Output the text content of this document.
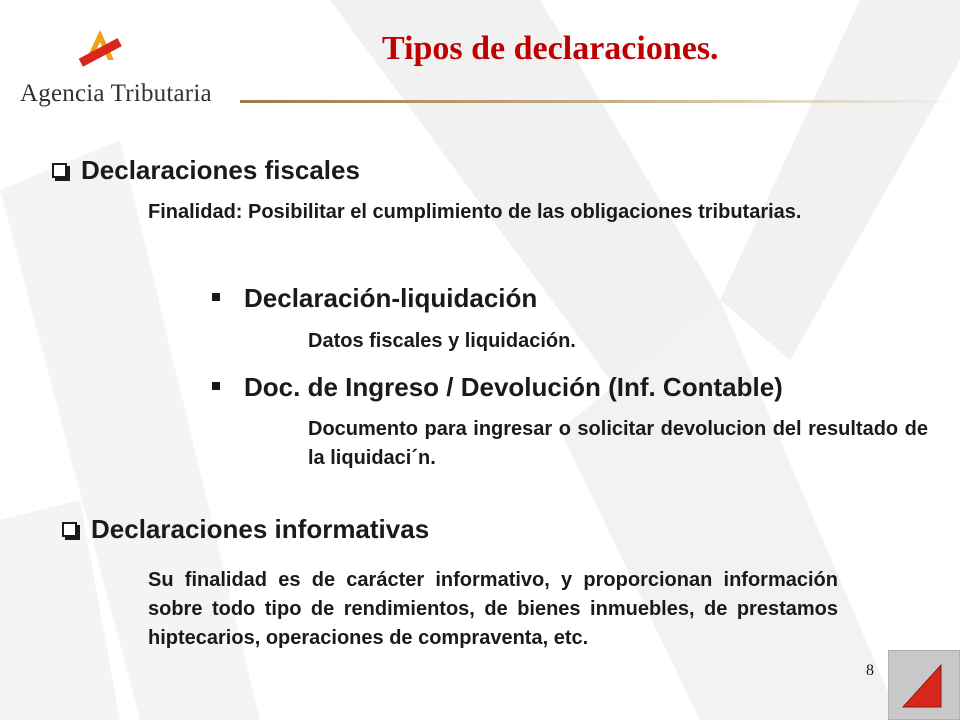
Agencia Tributaria
Tipos de declaraciones.
Declaraciones fiscales

Finalidad: Posibilitar el cumplimiento de las obligaciones tributarias.

Declaración-liquidación

Datos fiscales y liquidación.

Doc. de Ingreso / Devolución (Inf. Contable)

Documento para ingresar o solicitar devolucion del resultado de la liquidaci´n.

Declaraciones informativas

Su finalidad es de carácter informativo, y proporcionan información sobre todo tipo de rendimientos, de bienes inmuebles, de prestamos hiptecarios, operaciones de compraventa, etc.

8
